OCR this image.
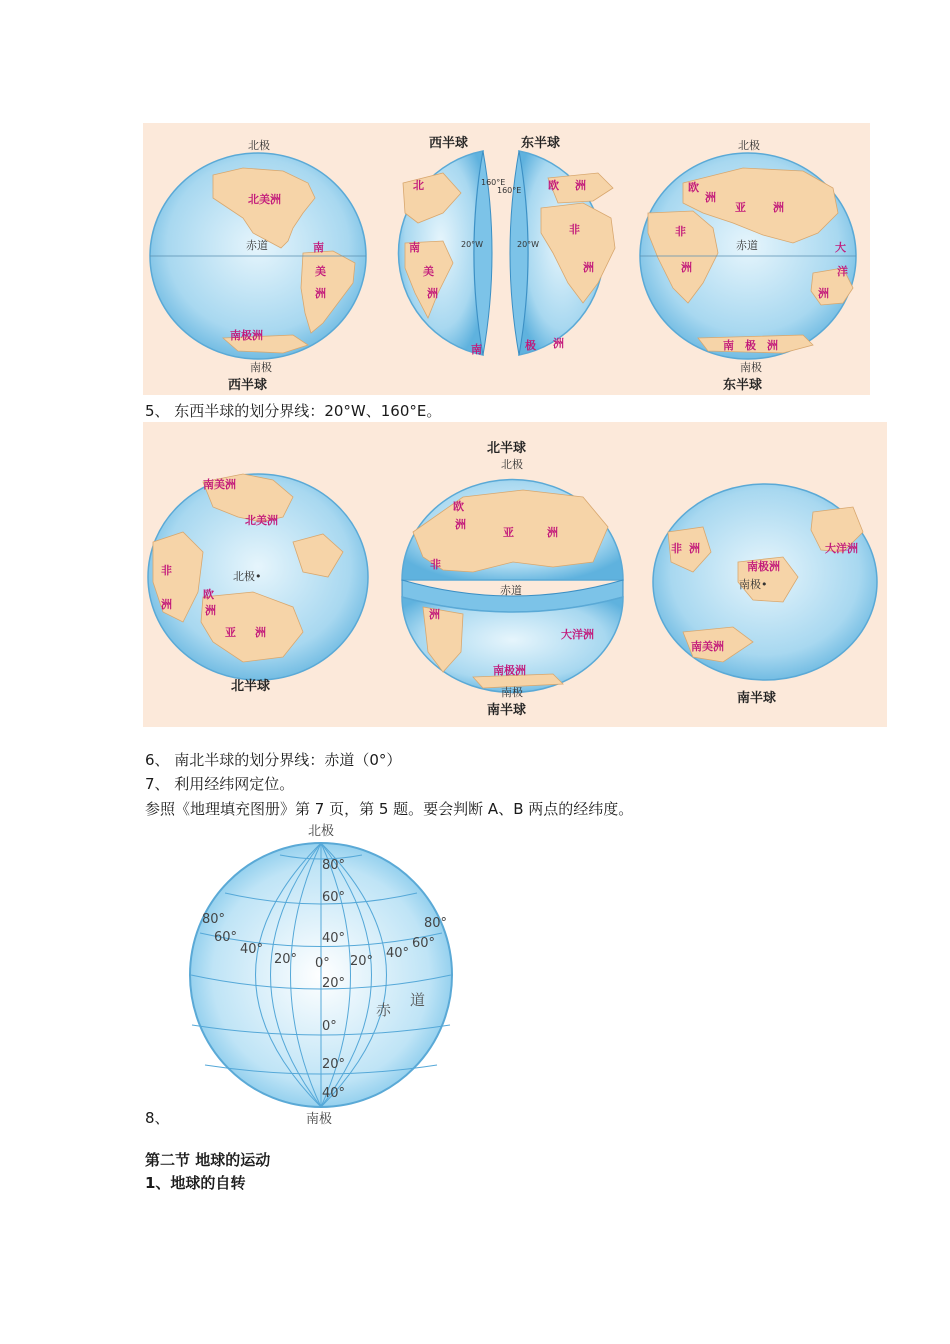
北极
赤道
南极
西半球
北美洲
南
美
洲
南极洲
西半球
160°E
20°W
北
南
美
洲
南
东半球
160°E
20°W
欧 洲
非
洲
极 洲
北极
赤道
南极
东半球
欧
洲
亚 洲
非
洲
大
洋
洲
南 极 洲
5、 东西半球的划分界线：20°W、160°E。
南美洲
北美洲
北极•
非
洲
欧
洲
亚 洲
北半球
北半球
北极
欧
洲
亚	洲
非
赤道
洲
大洋洲
南极洲
南极
南半球
非 洲	大洋洲
南极洲
南极•
南美洲
南半球
6、 南北半球的划分界线：赤道（0°）
7、 利用经纬网定位。
参照《地理填充图册》第 7 页，第 5 题。要会判断 A、B 两点的经纬度。
北极
80°
60°
40°
20°
0°
20°
40°
80°
60°
40°
20° 0° 20°
40°
60°
80°
赤
道
南极
8、
第二节 地球的运动
1、地球的自转
